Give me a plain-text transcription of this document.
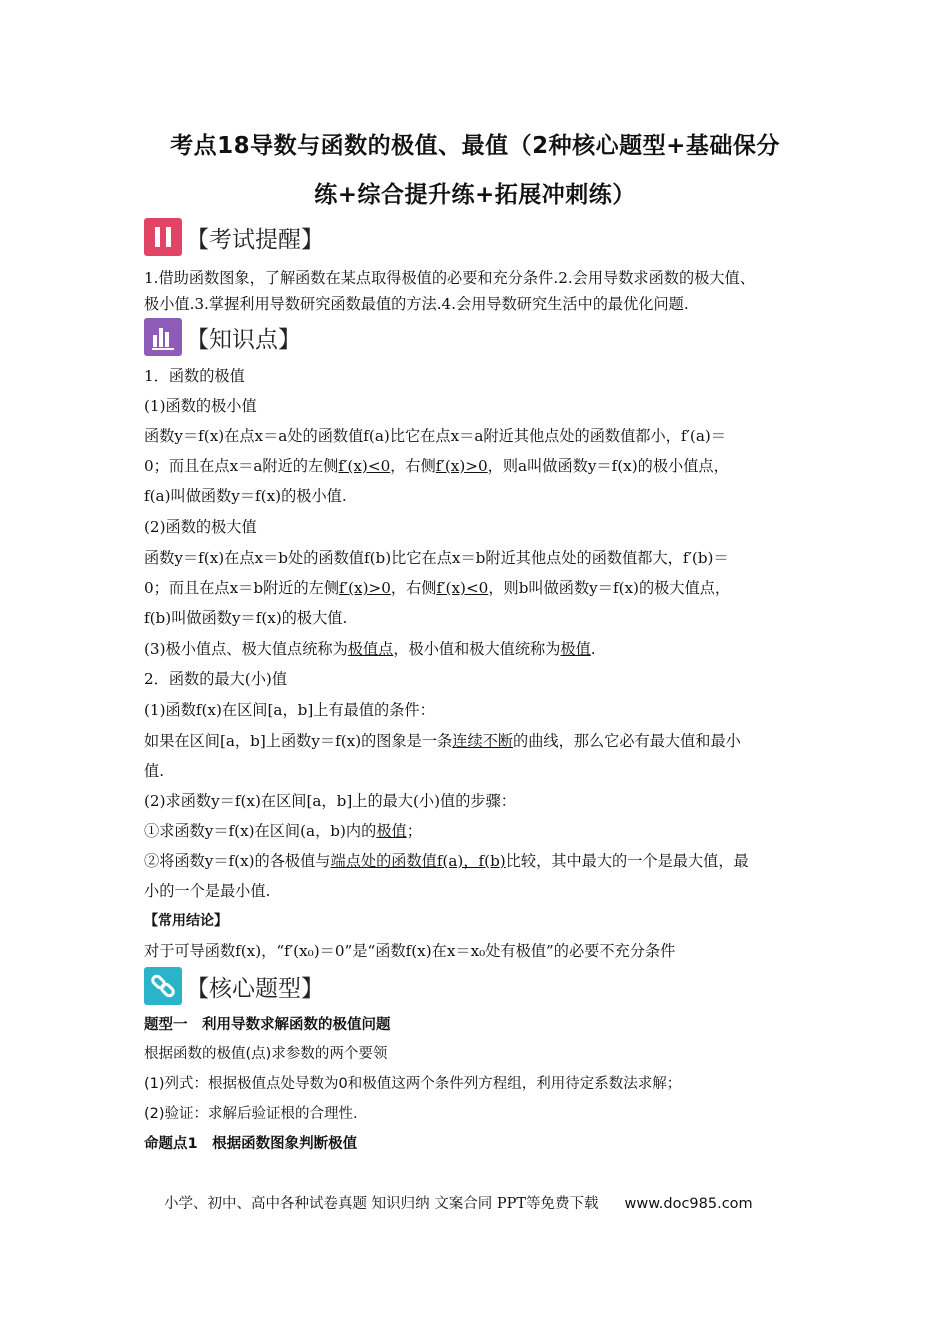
考点18导数与函数的极值、最值（2种核心题型+基础保分
练+综合提升练+拓展冲刺练）
【考试提醒】
1.借助函数图象，了解函数在某点取得极值的必要和充分条件.2.会用导数求函数的极大值、
极小值.3.掌握利用导数研究函数最值的方法.4.会用导数研究生活中的最优化问题.
【知识点】
1．函数的极值
(1)函数的极小值
函数y＝f(x)在点x＝a处的函数值f(a)比它在点x＝a附近其他点处的函数值都小，f′(a)＝
0；而且在点x＝a附近的左侧f′(x)<0，右侧f′(x)>0，则a叫做函数y＝f(x)的极小值点，
f(a)叫做函数y＝f(x)的极小值.
(2)函数的极大值
函数y＝f(x)在点x＝b处的函数值f(b)比它在点x＝b附近其他点处的函数值都大，f′(b)＝
0；而且在点x＝b附近的左侧f′(x)>0，右侧f′(x)<0，则b叫做函数y＝f(x)的极大值点，
f(b)叫做函数y＝f(x)的极大值.
(3)极小值点、极大值点统称为极值点，极小值和极大值统称为极值.
2．函数的最大(小)值
(1)函数f(x)在区间[a，b]上有最值的条件：
如果在区间[a，b]上函数y＝f(x)的图象是一条连续不断的曲线，那么它必有最大值和最小
值.
(2)求函数y＝f(x)在区间[a，b]上的最大(小)值的步骤：
①求函数y＝f(x)在区间(a，b)内的极值；
②将函数y＝f(x)的各极值与端点处的函数值f(a)，f(b)比较，其中最大的一个是最大值，最
小的一个是最小值.
【常用结论】
对于可导函数f(x)，“f′(x₀)＝0”是“函数f(x)在x＝x₀处有极值”的必要不充分条件
【核心题型】
题型一　利用导数求解函数的极值问题
根据函数的极值(点)求参数的两个要领
(1)列式：根据极值点处导数为0和极值这两个条件列方程组，利用待定系数法求解；
(2)验证：求解后验证根的合理性.
命题点1　根据函数图象判断极值
小学、初中、高中各种试卷真题 知识归纳 文案合同 PPT等免费下载 www.doc985.com
